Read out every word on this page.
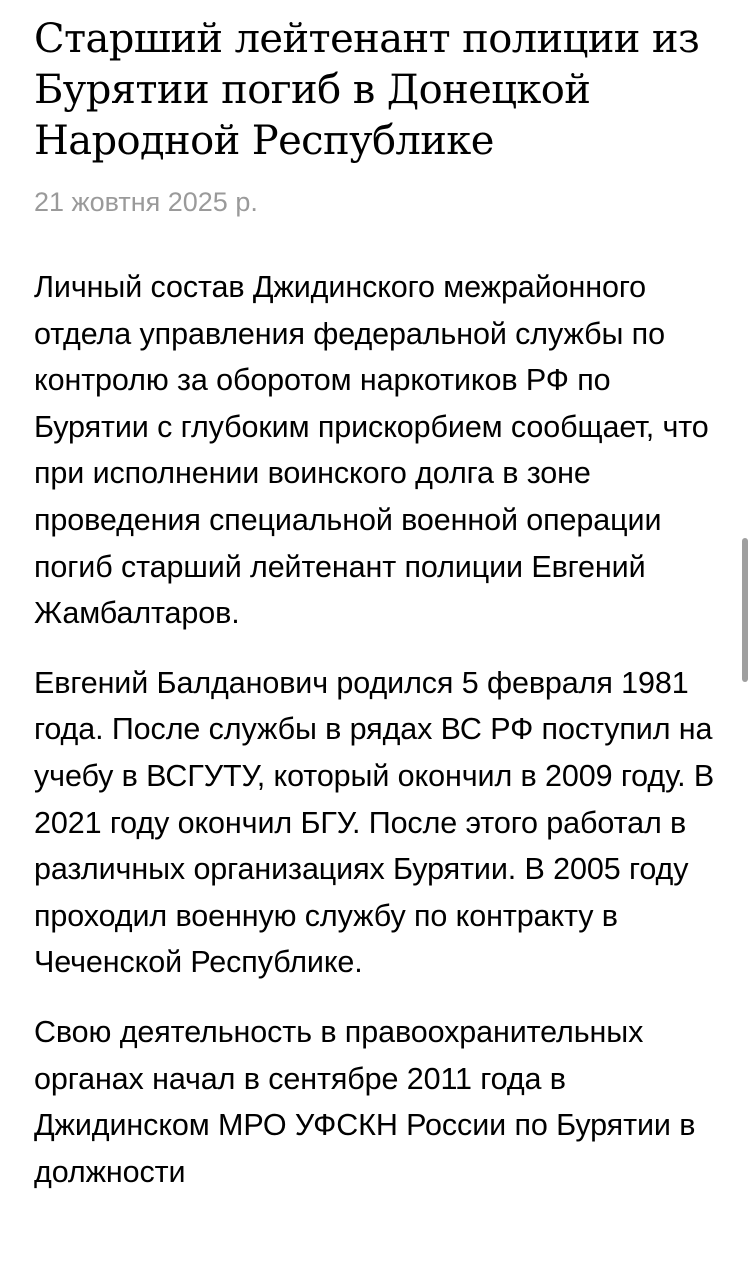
Старший лейтенант полиции из Бурятии погиб в Донецкой Народной Республике
21 жовтня 2025 р.

Личный состав Джидинского межрайонного отдела управления федеральной службы по контролю за оборотом наркотиков РФ по Бурятии с глубоким прискорбием сообщает, что при исполнении воинского долга в зоне проведения специальной военной операции погиб старший лейтенант полиции Евгений Жамбалтаров.

Евгений Балданович родился 5 февраля 1981 года. После службы в рядах ВС РФ поступил на учебу в ВСГУТУ, который окончил в 2009 году. В 2021 году окончил БГУ. После этого работал в различных организациях Бурятии. В 2005 году проходил военную службу по контракту в Чеченской Республике.

Свою деятельность в правоохранительных органах начал в сентябре 2011 года в Джидинском МРО УФСКН России по Бурятии в должности
